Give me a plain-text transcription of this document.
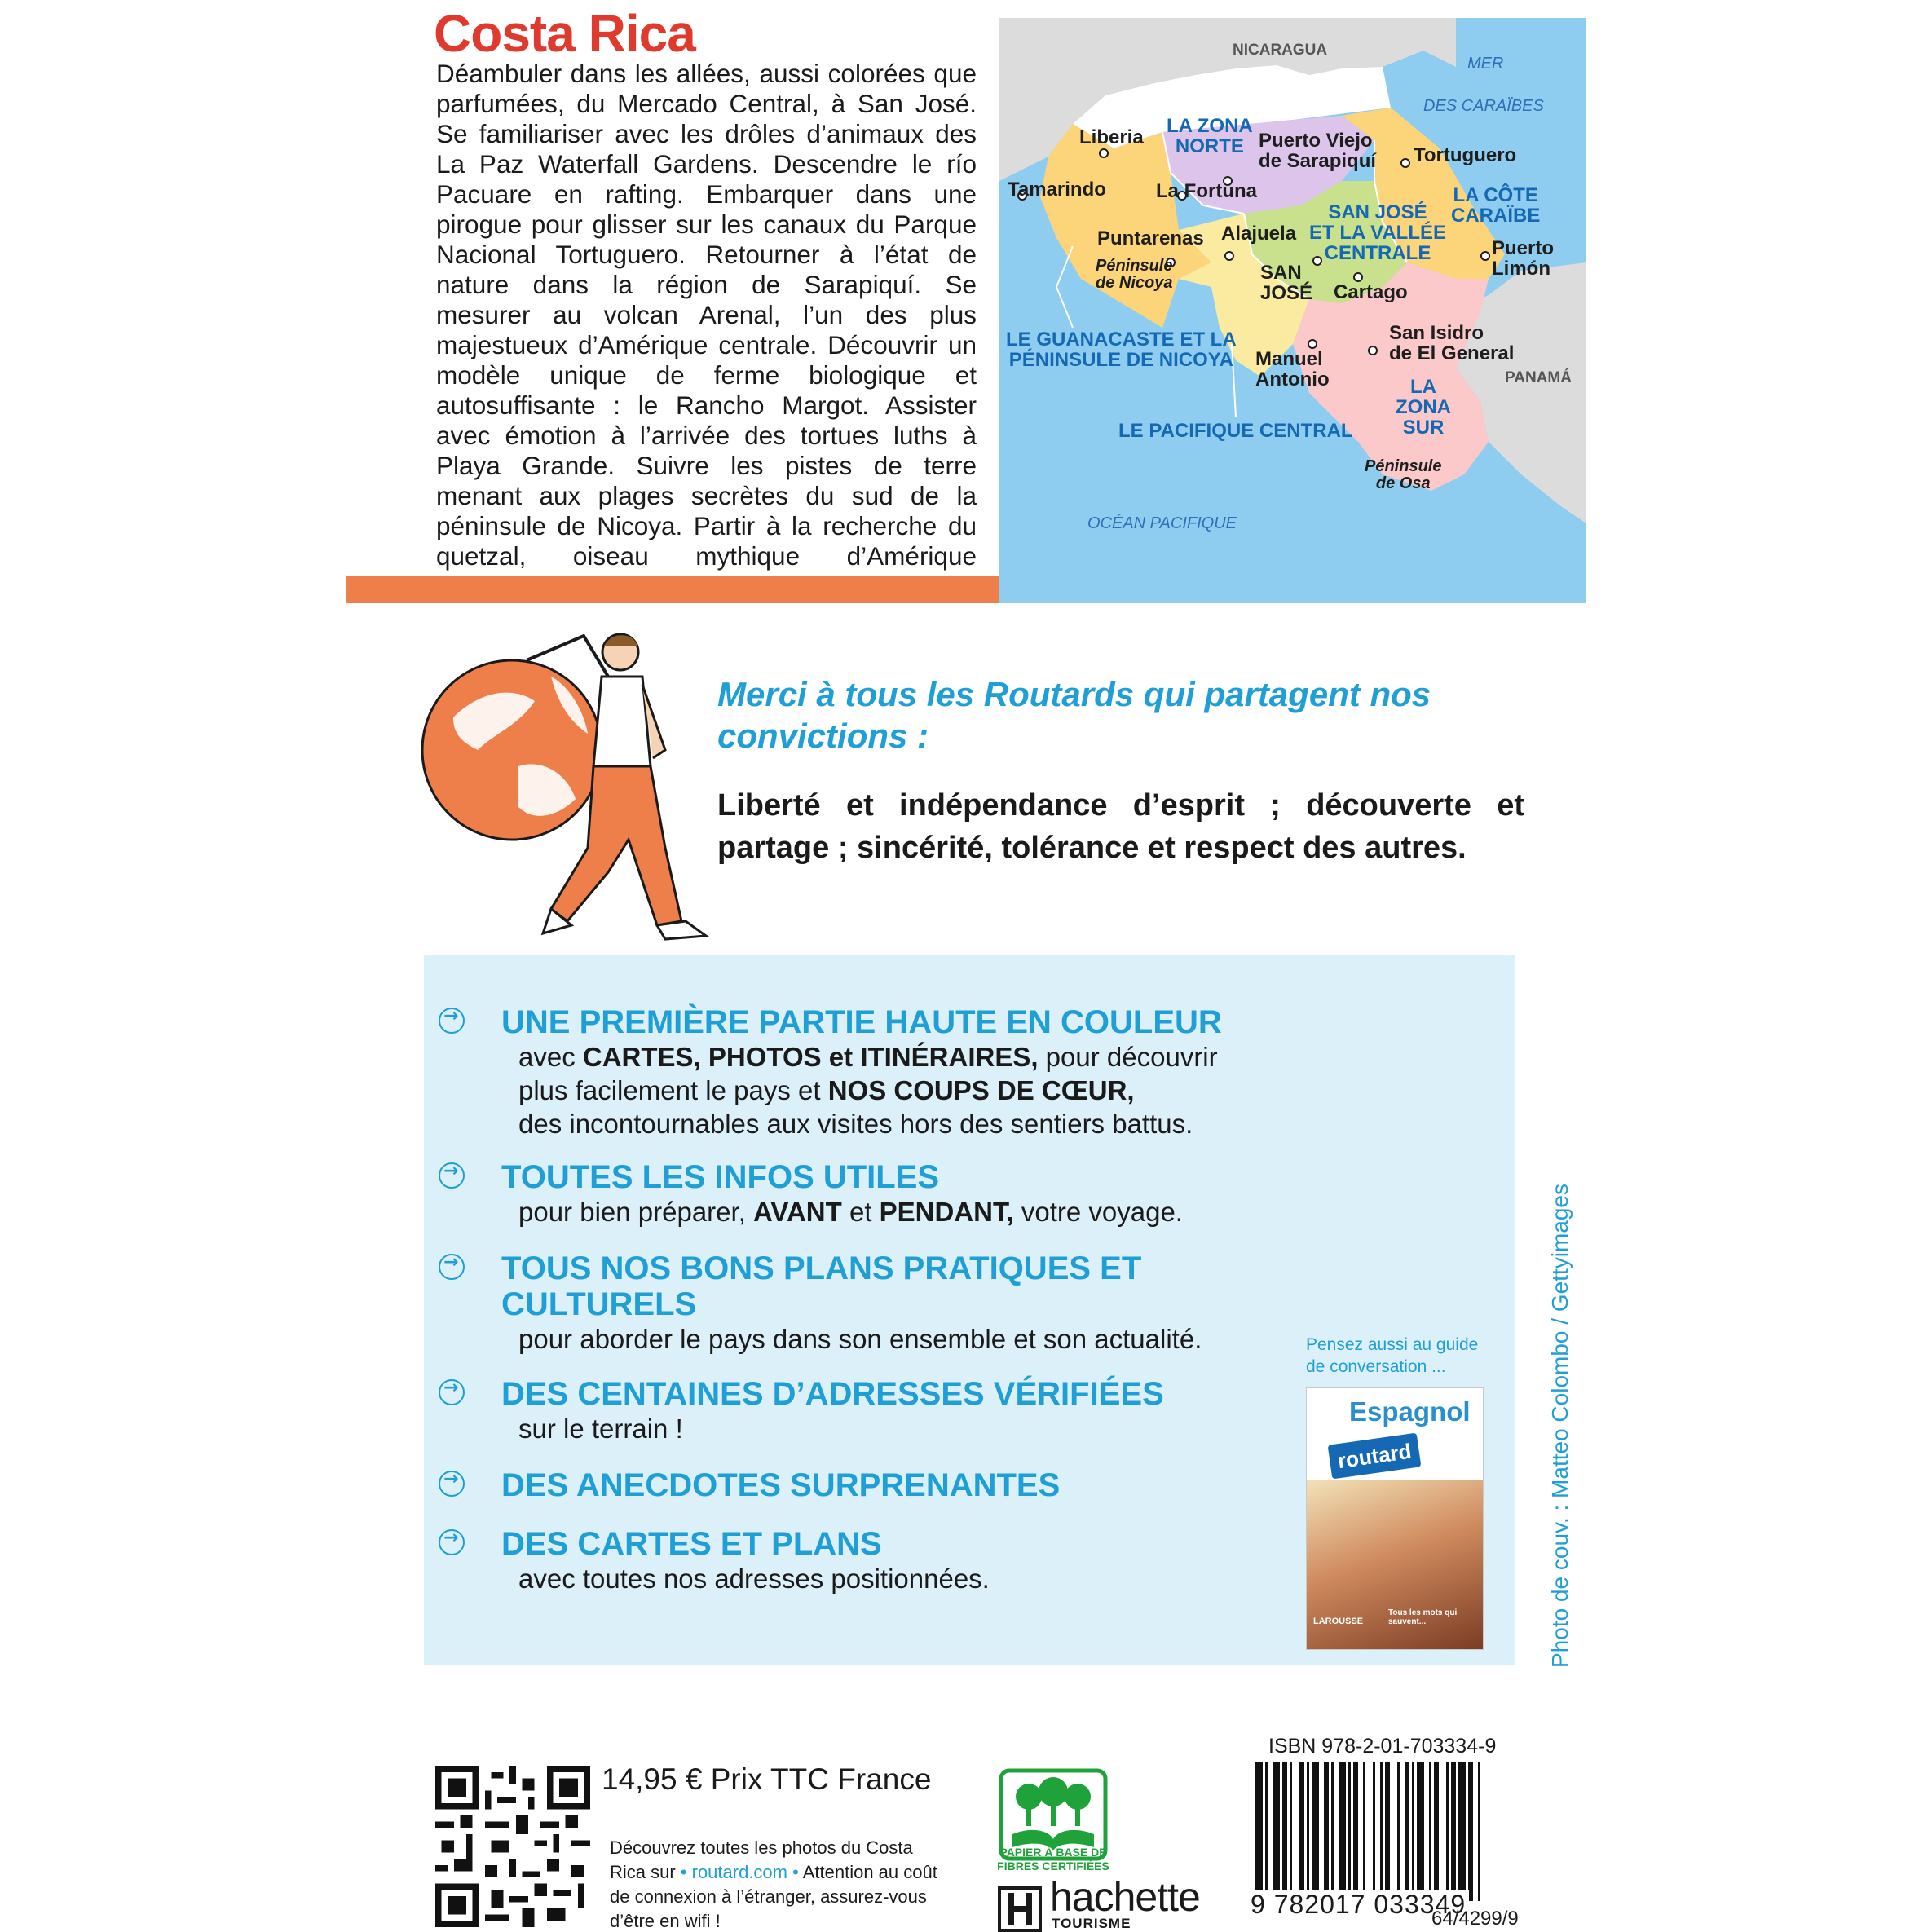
Costa Rica
Déambuler dans les allées, aussi colorées que parfumées, du Mercado Central, à San José. Se familiariser avec les drôles d’animaux des La Paz Waterfall Gardens. Descendre le río Pacuare en rafting. Embarquer dans une pirogue pour glisser sur les canaux du Parque Nacional Tortuguero. Retourner à l’état de nature dans la région de Sarapiquí. Se mesurer au volcan Arenal, l’un des plus majestueux d’Amérique centrale. Découvrir un modèle unique de ferme biologique et autosuffisante : le Rancho Margot. Assister avec émotion à l’arrivée des tortues luths à Playa Grande. Suivre les pistes de terre menant aux plages secrètes du sud de la péninsule de Nicoya. Partir à la recherche du quetzal, oiseau mythique d’Amérique
NICARAGUA
PANAMÁ
MER
DES CARAÏBES
OCÉAN PACIFIQUE
LA ZONA
NORTE
LA CÔTE
CARAÏBE
SAN JOSÉ
ET LA VALLÉE
CENTRALE
LE GUANACASTE ET LA
PÉNINSULE DE NICOYA
LE PACIFIQUE CENTRAL
LA
ZONA
SUR
Liberia
Tamarindo
Puerto Viejo
de Sarapiquí Tortuguero
La Fortuna
Puntarenas Alajuela
SAN
JOSÉ Cartago
Puerto
Limón
San Isidro
de El General
Manuel
Antonio
Péninsule
de Nicoya
Péninsule
de Osa
Merci à tous les Routards qui partagent nos convictions :
Liberté et indépendance d’esprit ; découverte et partage ; sincérité, tolérance et respect des autres.
→
UNE PREMIÈRE PARTIE HAUTE EN COULEUR
avec CARTES, PHOTOS et ITINÉRAIRES, pour découvrir
plus facilement le pays et NOS COUPS DE CŒUR,
des incontournables aux visites hors des sentiers battus.
→
TOUTES LES INFOS UTILES
pour bien préparer, AVANT et PENDANT, votre voyage.
→
TOUS NOS BONS PLANS PRATIQUES ET CULTURELS
pour aborder le pays dans son ensemble et son actualité.
→
DES CENTAINES D’ADRESSES VÉRIFIÉES
sur le terrain !
→
DES ANECDOTES SURPRENANTES
→
DES CARTES ET PLANS
avec toutes nos adresses positionnées.
Pensez aussi au guide de conversation ...
Espagnol
routard
Tous les mots qui sauvent...
LAROUSSE	Photo de couv. : Matteo Colombo / Gettyimages
14,95 € Prix TTC France
Découvrez toutes les photos du Costa Rica sur • routard.com • Attention au coût de connexion à l’étranger, assurez-vous d’être en wifi !
PAPIER À BASE DE FIBRES CERTIFIÉES
hachette
TOURISME
ISBN 978-2-01-703334-9
9 782017 033349
64/4299/9
